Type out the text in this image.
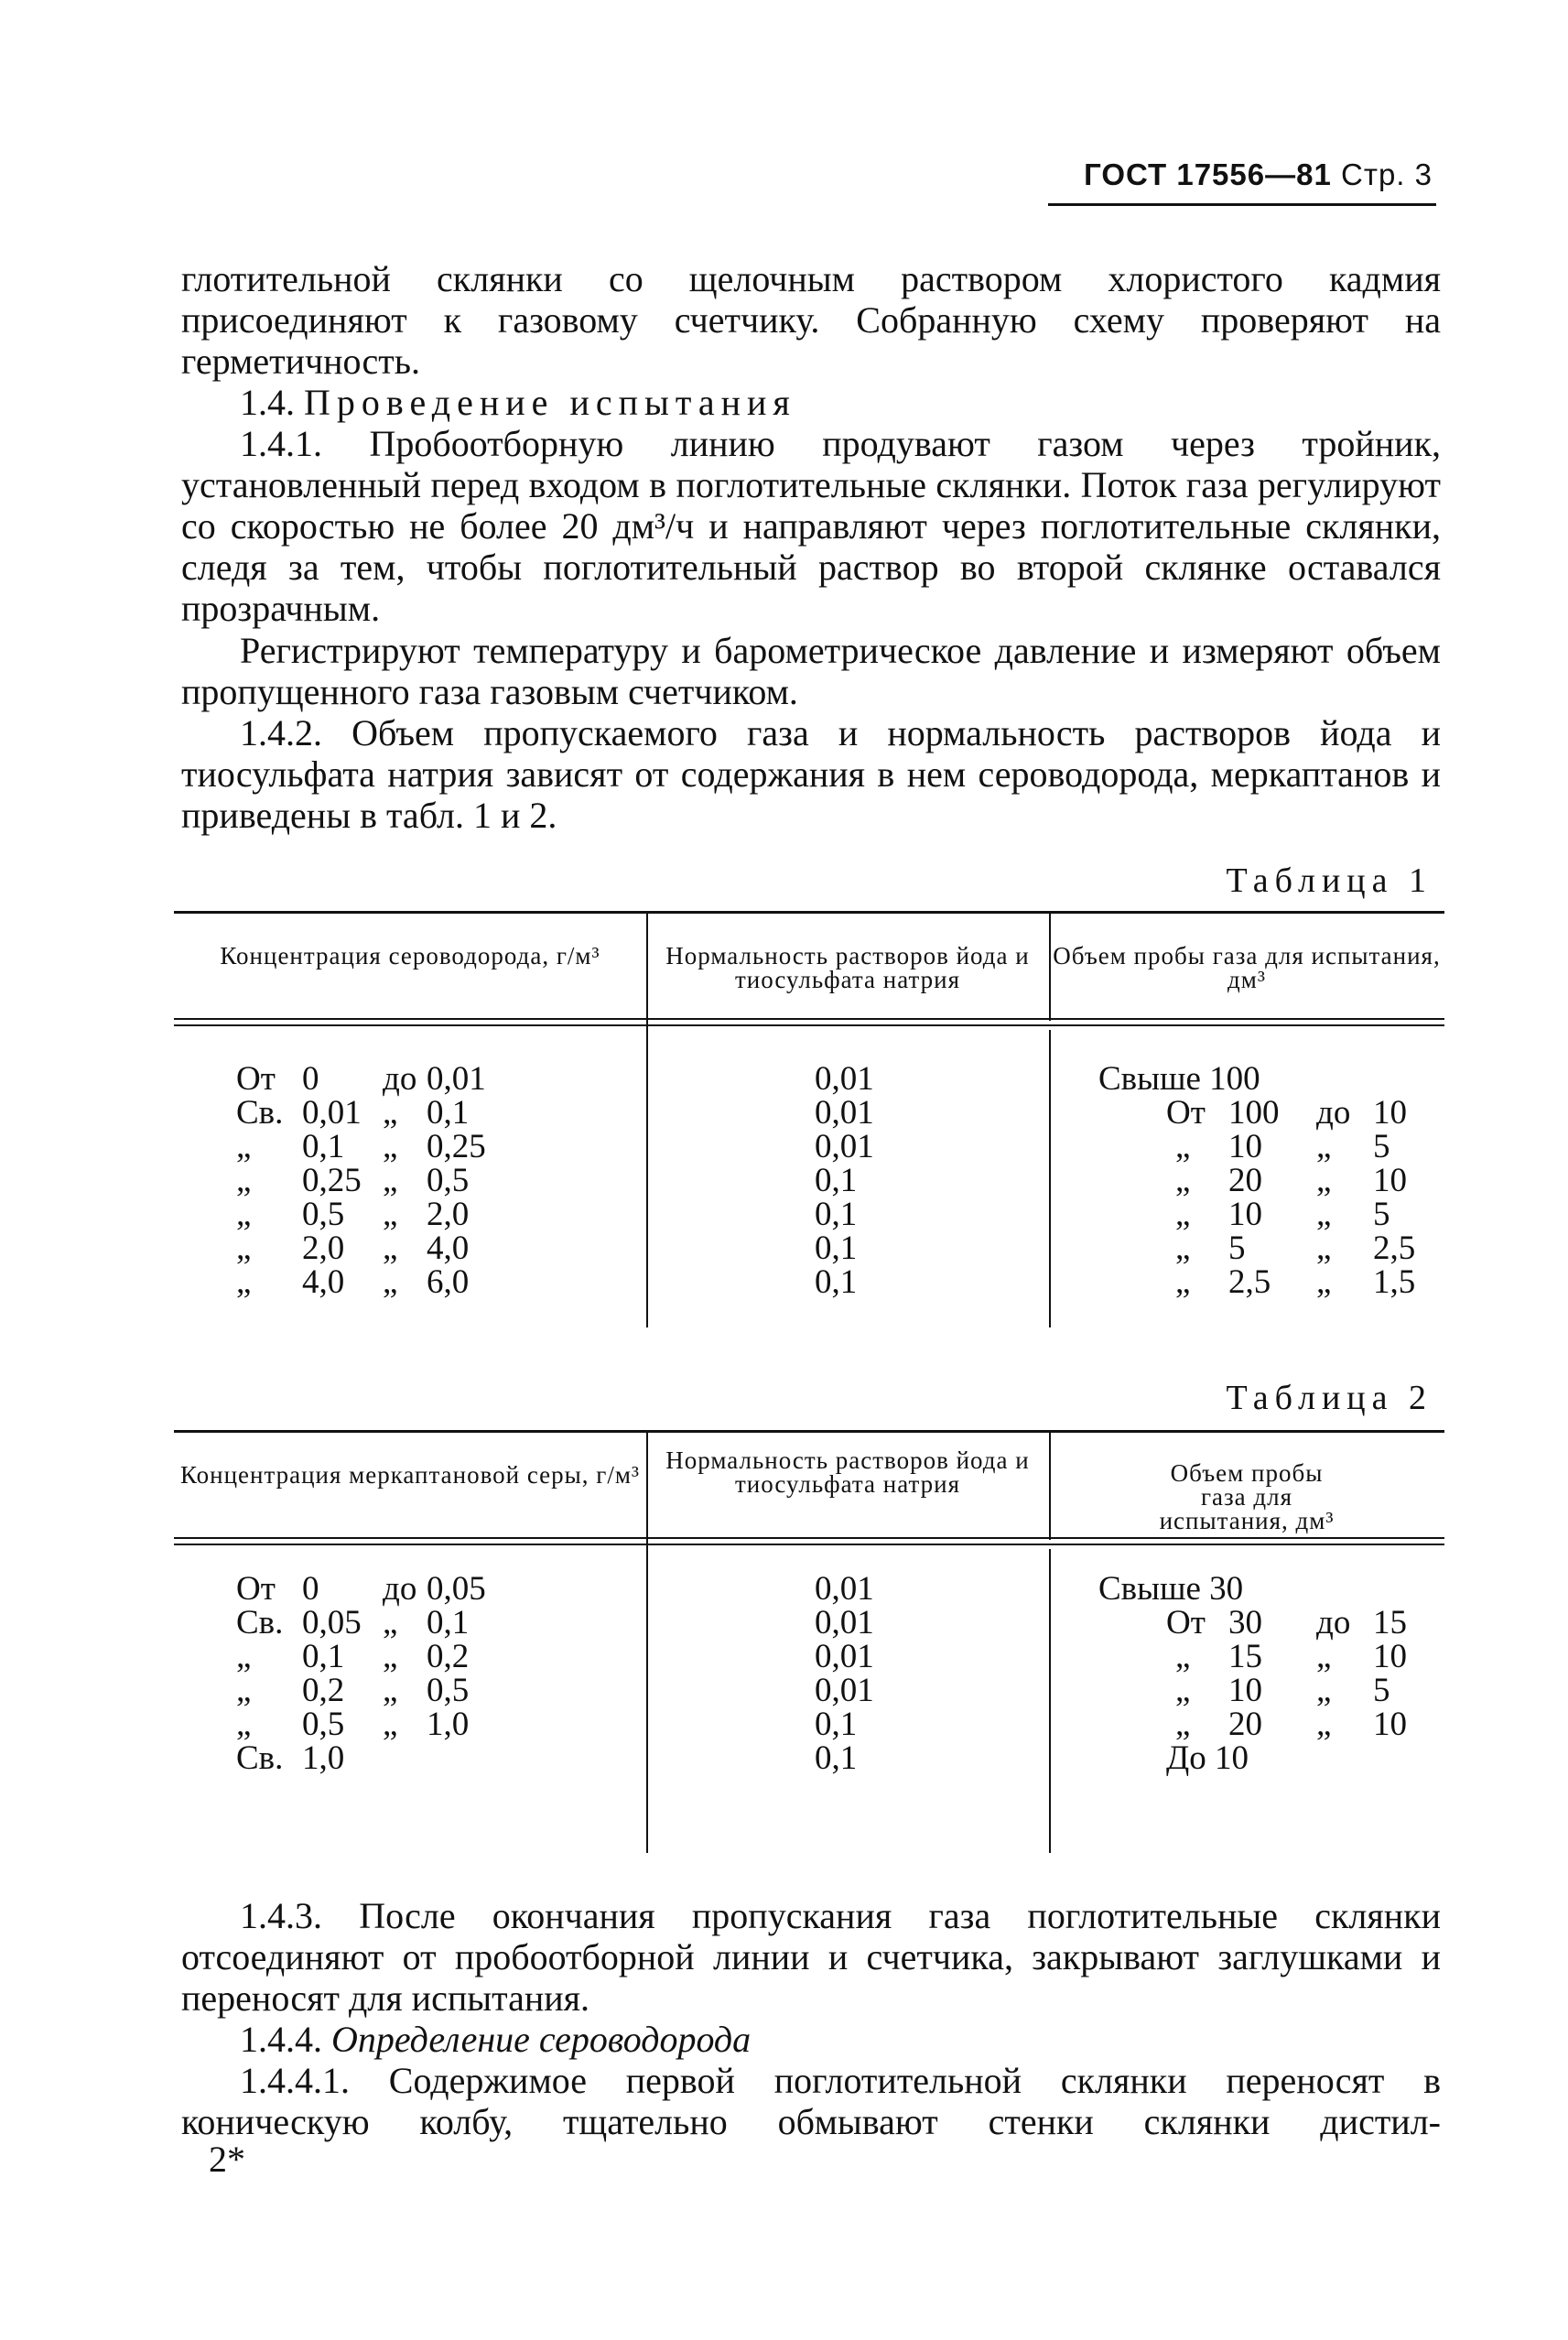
ГОСТ 17556—81 Стр. 3

глотительной склянки со щелочным раствором хлористого кадмия присоединяют к газовому счетчику. Собранную схему проверяют на герметичность.

1.4. Проведение испытания

1.4.1. Пробоотборную линию продувают газом через тройник, установленный перед входом в поглотительные склянки. Поток газа регулируют со скоростью не более 20 дм³/ч и направляют через поглотительные склянки, следя за тем, чтобы поглотительный раствор во второй склянке оставался прозрачным.

Регистрируют температуру и барометрическое давление и измеряют объем пропущенного газа газовым счетчиком.

1.4.2. Объем пропускаемого газа и нормальность растворов йода и тиосульфата натрия зависят от содержания в нем сероводорода, меркаптанов и приведены в табл. 1 и 2.

Таблица 1
Концентрация сероводорода, г/м³	Нормальность растворов йода и тиосульфата натрия
Объем пробы газа для испытания, дм³
От 0 до 0,01
Св. 0,01 „ 0,1
„ 0,1 „ 0,25
„ 0,25 „ 0,5
„ 0,5 „ 2,0
„ 2,0 „ 4,0
„ 4,0 „ 6,0
0,01
0,01
0,01
0,1
0,1
0,1
0,1
Свыше 100
От 100 до 10
„ 10 „ 5
„ 20 „ 10
„ 10 „ 5
„ 5 „ 2,5
„ 2,5 „ 1,5
Таблица 2
Концентрация меркаптановой серы, г/м³
Нормальность растворов йода и тиосульфата натрия	Объем пробы газа для испытания, дм³
От 0 до 0,05
Св. 0,05 „ 0,1
„ 0,1 „ 0,2
„ 0,2 „ 0,5
„ 0,5 „ 1,0
Св. 1,0
0,01
0,01
0,01
0,01
0,1
0,1
Свыше 30
От 30 до 15
„ 15 „ 10
„ 10 „ 5
„ 20 „ 10
До 10

1.4.3. После окончания пропускания газа поглотительные склянки отсоединяют от пробоотборной линии и счетчика, закрывают заглушками и переносят для испытания.

1.4.4. Определение сероводорода

1.4.4.1. Содержимое первой поглотительной склянки переносят в коническую колбу, тщательно обмывают стенки склянки дистил-

2*
